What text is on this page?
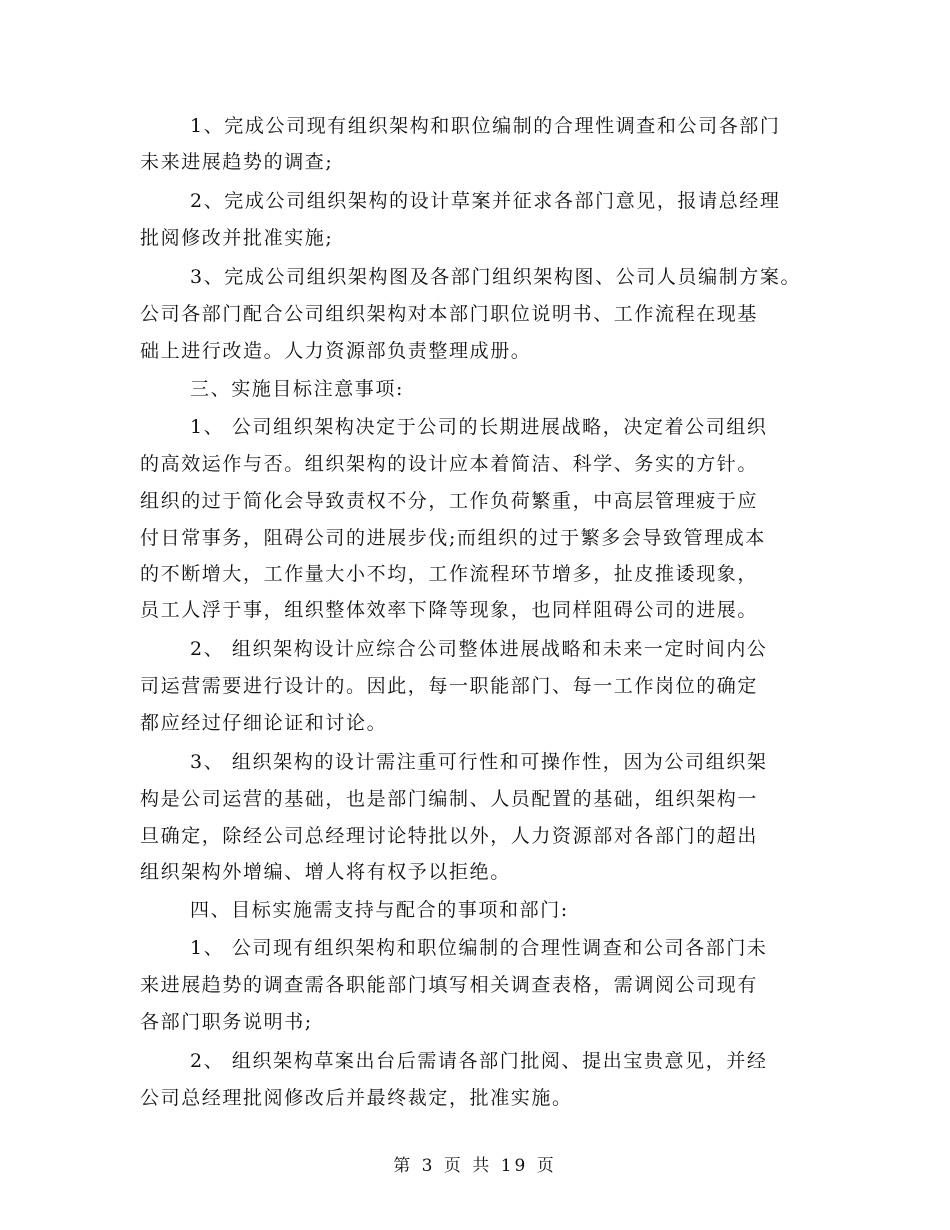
1、完成公司现有组织架构和职位编制的合理性调查和公司各部门
未来进展趋势的调查;
2、完成公司组织架构的设计草案并征求各部门意见，报请总经理
批阅修改并批准实施;
3、完成公司组织架构图及各部门组织架构图、公司人员编制方案。
公司各部门配合公司组织架构对本部门职位说明书、工作流程在现基
础上进行改造。人力资源部负责整理成册。
三、实施目标注意事项:
1、 公司组织架构决定于公司的长期进展战略，决定着公司组织
的高效运作与否。组织架构的设计应本着简洁、科学、务实的方针。
组织的过于简化会导致责权不分，工作负荷繁重，中高层管理疲于应
付日常事务，阻碍公司的进展步伐;而组织的过于繁多会导致管理成本
的不断增大，工作量大小不均，工作流程环节增多，扯皮推诿现象，
员工人浮于事，组织整体效率下降等现象，也同样阻碍公司的进展。
2、 组织架构设计应综合公司整体进展战略和未来一定时间内公
司运营需要进行设计的。因此，每一职能部门、每一工作岗位的确定
都应经过仔细论证和讨论。
3、 组织架构的设计需注重可行性和可操作性，因为公司组织架
构是公司运营的基础，也是部门编制、人员配置的基础，组织架构一
旦确定，除经公司总经理讨论特批以外，人力资源部对各部门的超出
组织架构外增编、增人将有权予以拒绝。
四、目标实施需支持与配合的事项和部门:
1、 公司现有组织架构和职位编制的合理性调查和公司各部门未
来进展趋势的调查需各职能部门填写相关调查表格，需调阅公司现有
各部门职务说明书;
2、 组织架构草案出台后需请各部门批阅、提出宝贵意见，并经
公司总经理批阅修改后并最终裁定，批准实施。
第 3 页 共 19 页
